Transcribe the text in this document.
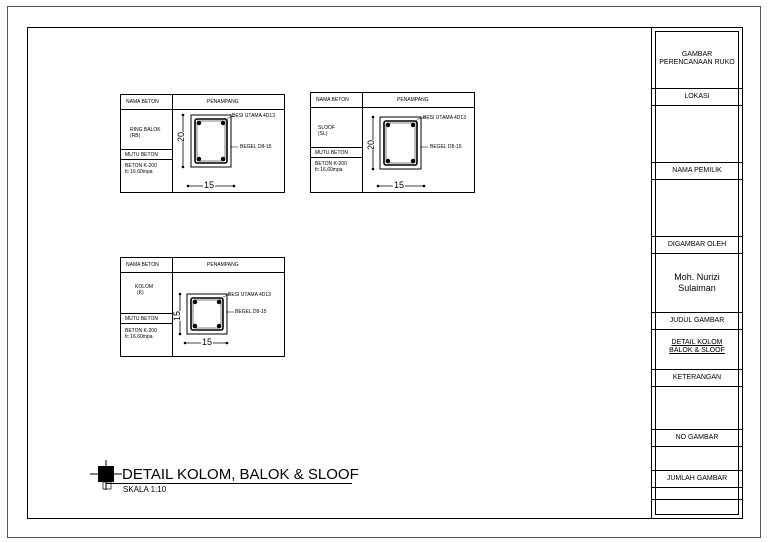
NAMA BETON	PENAMPANG
RING BALOK
(RB)
MUTU BETON
BETON K-200
fc 16.60mpa
BESI UTAMA 4D13
BEGEL D8-15
20
15
NAMA BETON	PENAMPANG
SLOOF
(SL)
MUTU BETON
BETON K-200
fc 16.60mpa
BESI UTAMA 4D13
BEGEL D8-15
20
15
NAMA BETON	PENAMPANG
KOLOM
(K)
MUTU BETON
BETON K-200
fc 16.60mpa
BESI UTAMA 4D13
BEGEL D8-15
15
15
DETAIL KOLOM, BALOK & SLOOF
SKALA 1:10
GAMBAR
PERENCANAAN RUKO
LOKASI
NAMA PEMILIK
DIGAMBAR OLEH
Moh. Nurizi
Sulaiman
JUDUL GAMBAR
DETAIL KOLOM
BALOK & SLOOF
KETERANGAN
NO GAMBAR
JUMLAH GAMBAR
